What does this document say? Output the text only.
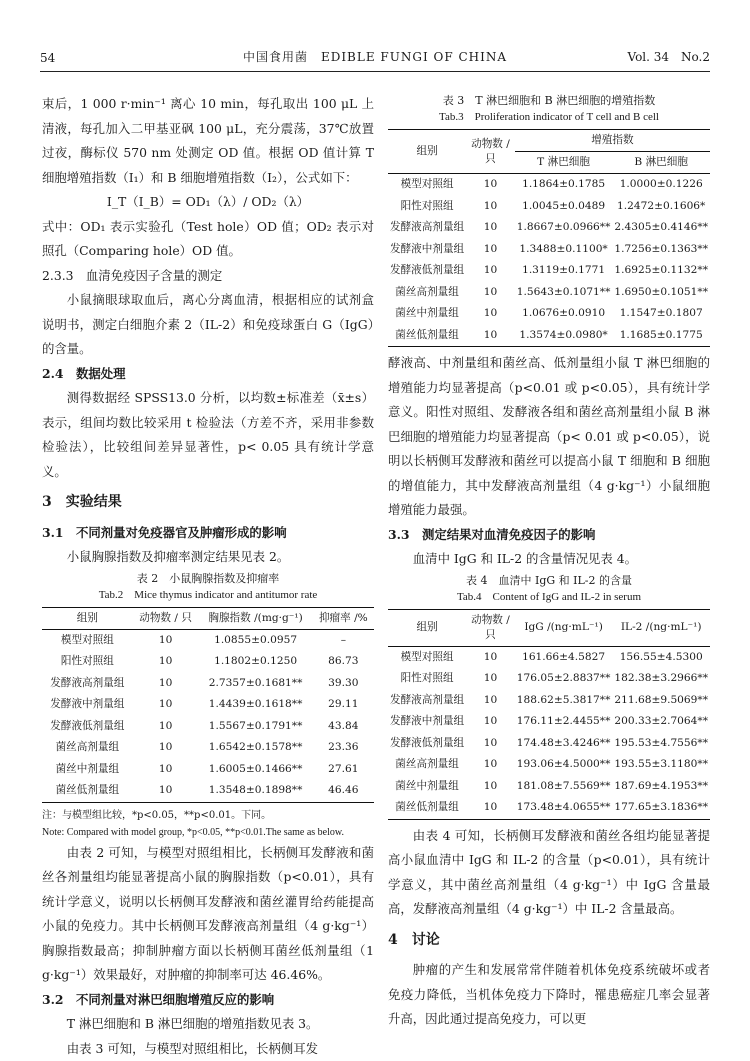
54	中国食用菌　EDIBLE FUNGI OF CHINA	Vol. 34　No.2

束后，1 000 r·min⁻¹ 离心 10 min，每孔取出 100 μL 上清液，每孔加入二甲基亚砜 100 μL，充分震荡，37℃放置过夜，酶标仪 570 nm 处测定 OD 值。根据 OD 值计算 T 细胞增殖指数（I₁）和 B 细胞增殖指数（I₂），公式如下：

I_T（I_B）= OD₁（λ）/ OD₂（λ）

式中：OD₁ 表示实验孔（Test hole）OD 值；OD₂ 表示对照孔（Comparing hole）OD 值。

2.3.3　血清免疫因子含量的测定

小鼠摘眼球取血后，离心分离血清，根据相应的试剂盒说明书，测定白细胞介素 2（IL-2）和免疫球蛋白 G（IgG）的含量。

2.4　数据处理

测得数据经 SPSS13.0 分析，以均数±标准差（x̄±s）表示，组间均数比较采用 t 检验法（方差不齐，采用非参数检验法），比较组间差异显著性，p< 0.05 具有统计学意义。

3　实验结果

3.1　不同剂量对免疫器官及肿瘤形成的影响

小鼠胸腺指数及抑瘤率测定结果见表 2。

表 2　小鼠胸腺指数及抑瘤率
Tab.2　Mice thymus indicator and antitumor rate
组别	动物数 / 只	胸腺指数 /(mg·g⁻¹)	抑瘤率 /%
模型对照组	10	1.0855±0.0957	–
阳性对照组	10	1.1802±0.1250	86.73
发酵液高剂量组	10	2.7357±0.1681**	39.30
发酵液中剂量组	10	1.4439±0.1618**	29.11
发酵液低剂量组	10	1.5567±0.1791**	43.84
菌丝高剂量组	10	1.6542±0.1578**	23.36
菌丝中剂量组	10	1.6005±0.1466**	27.61
菌丝低剂量组	10	1.3548±0.1898**	46.46

注：与模型组比较，*p<0.05，**p<0.01。下同。

Note: Compared with model group, *p<0.05, **p<0.01.The same as below.

由表 2 可知，与模型对照组相比，长柄侧耳发酵液和菌丝各剂量组均能显著提高小鼠的胸腺指数（p<0.01），具有统计学意义，说明以长柄侧耳发酵液和菌丝灌胃给药能提高小鼠的免疫力。其中长柄侧耳发酵液高剂量组（4 g·kg⁻¹）胸腺指数最高；抑制肿瘤方面以长柄侧耳菌丝低剂量组（1 g·kg⁻¹）效果最好，对肿瘤的抑制率可达 46.46%。

3.2　不同剂量对淋巴细胞增殖反应的影响

T 淋巴细胞和 B 淋巴细胞的增殖指数见表 3。

由表 3 可知，与模型对照组相比，长柄侧耳发

表 3　T 淋巴细胞和 B 淋巴细胞的增殖指数
Tab.3　Proliferation indicator of T cell and B cell
组别	动物数 / 只	增殖指数	
		T 淋巴细胞	B 淋巴细胞
模型对照组	10	1.1864±0.1785	1.0000±0.1226
阳性对照组	10	1.0045±0.0489	1.2472±0.1606*
发酵液高剂量组	10	1.8667±0.0966**	2.4305±0.4146**
发酵液中剂量组	10	1.3488±0.1100*	1.7256±0.1363**
发酵液低剂量组	10	1.3119±0.1771	1.6925±0.1132**
菌丝高剂量组	10	1.5643±0.1071**	1.6950±0.1051**
菌丝中剂量组	10	1.0676±0.0910	1.1547±0.1807
菌丝低剂量组	10	1.3574±0.0980*	1.1685±0.1775

酵液高、中剂量组和菌丝高、低剂量组小鼠 T 淋巴细胞的增殖能力均显著提高（p<0.01 或 p<0.05），具有统计学意义。阳性对照组、发酵液各组和菌丝高剂量组小鼠 B 淋巴细胞的增殖能力均显著提高（p< 0.01 或 p<0.05），说明以长柄侧耳发酵液和菌丝可以提高小鼠 T 细胞和 B 细胞的增值能力，其中发酵液高剂量组（4 g·kg⁻¹）小鼠细胞增殖能力最强。

3.3　测定结果对血清免疫因子的影响

血清中 IgG 和 IL-2 的含量情况见表 4。

表 4　血清中 IgG 和 IL-2 的含量
Tab.4　Content of IgG and IL-2 in serum
组别	动物数 / 只	IgG /(ng·mL⁻¹)	IL-2 /(ng·mL⁻¹)
模型对照组	10	161.66±4.5827	156.55±4.5300
阳性对照组	10	176.05±2.8837**	182.38±3.2966**
发酵液高剂量组	10	188.62±5.3817**	211.68±9.5069**
发酵液中剂量组	10	176.11±2.4455**	200.33±2.7064**
发酵液低剂量组	10	174.48±3.4246**	195.53±4.7556**
菌丝高剂量组	10	193.06±4.5000**	193.55±3.1180**
菌丝中剂量组	10	181.08±7.5569**	187.69±4.1953**
菌丝低剂量组	10	173.48±4.0655**	177.65±3.1836**

由表 4 可知，长柄侧耳发酵液和菌丝各组均能显著提高小鼠血清中 IgG 和 IL-2 的含量（p<0.01），具有统计学意义，其中菌丝高剂量组（4 g·kg⁻¹）中 IgG 含量最高，发酵液高剂量组（4 g·kg⁻¹）中 IL-2 含量最高。

4　讨论

肿瘤的产生和发展常常伴随着机体免疫系统破坏或者免疫力降低，当机体免疫力下降时，罹患癌症几率会显著升高，因此通过提高免疫力，可以更
